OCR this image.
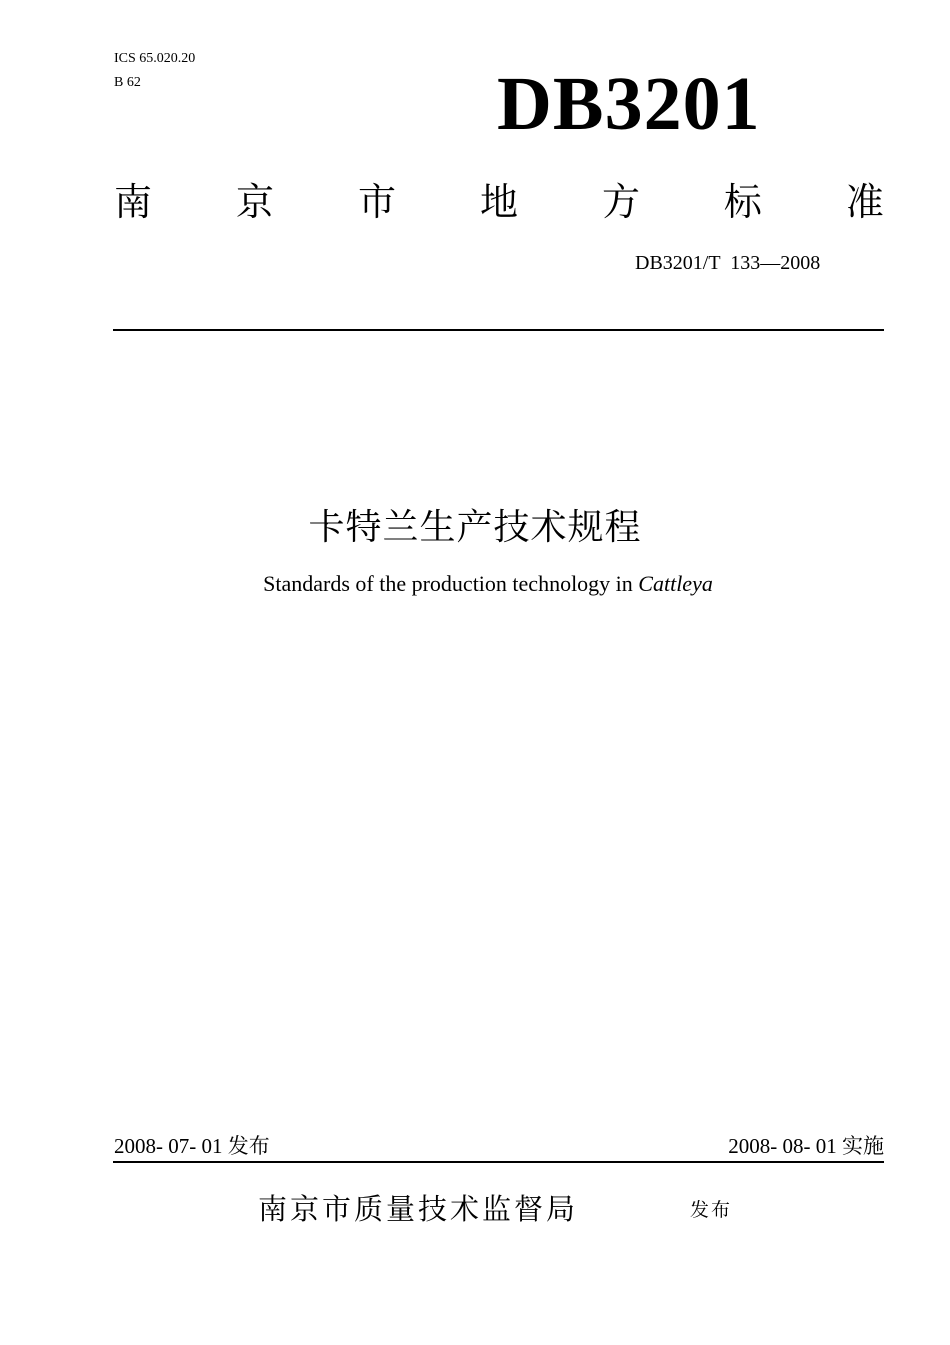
ICS 65.020.20
B 62	DB3201
南 京 市 地 方 标 准
DB3201/T  133—2008
卡特兰生产技术规程
Standards of the production technology in Cattleya
2008- 07- 01 发布	2008- 08- 01 实施
南京市质量技术监督局	发布
